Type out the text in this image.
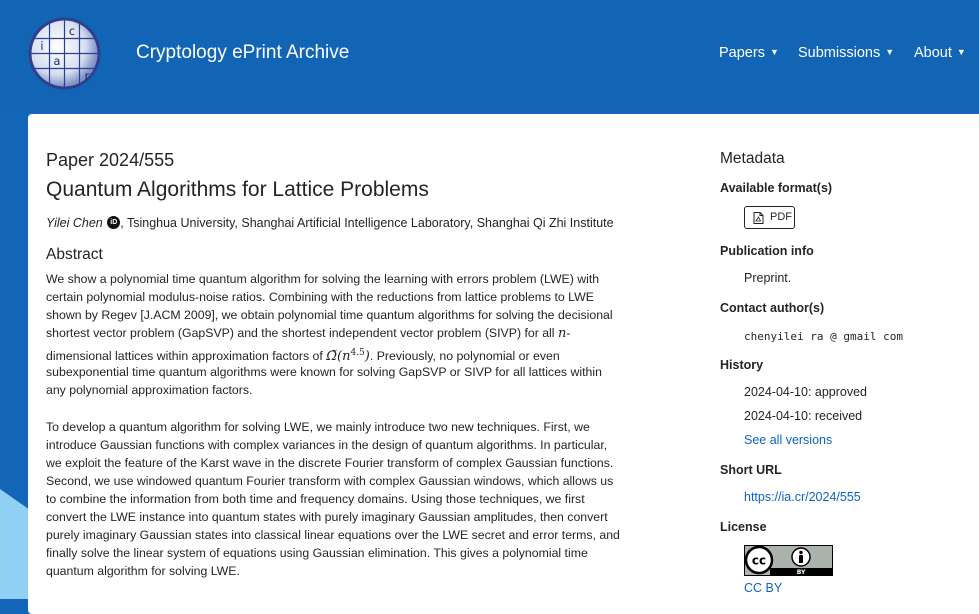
c
i
a
r
Cryptology ePrint Archive	Papers ▼ Submissions ▼ About ▼
Paper 2024/555
Quantum Algorithms for Lattice Problems
Yilei Chen iD , Tsinghua University, Shanghai Artificial Intelligence Laboratory, Shanghai Qi Zhi Institute
Abstract
We show a polynomial time quantum algorithm for solving the learning with errors problem (LWE) with
certain polynomial modulus-noise ratios. Combining with the reductions from lattice problems to LWE
shown by Regev [J.ACM 2009], we obtain polynomial time quantum algorithms for solving the decisional
shortest vector problem (GapSVP) and the shortest independent vector problem (SIVP) for all n-
dimensional lattices within approximation factors of $\Omegã(n^{4.5})$. Previously, no polynomial or even
subexponential time quantum algorithms were known for solving GapSVP or SIVP for all lattices within
any polynomial approximation factors.
To develop a quantum algorithm for solving LWE, we mainly introduce two new techniques. First, we
introduce Gaussian functions with complex variances in the design of quantum algorithms. In particular,
we exploit the feature of the Karst wave in the discrete Fourier transform of complex Gaussian functions.
Second, we use windowed quantum Fourier transform with complex Gaussian windows, which allows us
to combine the information from both time and frequency domains. Using those techniques, we first
convert the LWE instance into quantum states with purely imaginary Gaussian amplitudes, then convert
purely imaginary Gaussian states into classical linear equations over the LWE secret and error terms, and
finally solve the linear system of equations using Gaussian elimination. This gives a polynomial time
quantum algorithm for solving LWE.
Metadata
Available format(s)
PDF
Publication info
Preprint.
Contact author(s)
chenyilei ra @ gmail com
History
2024-04-10: approved
2024-04-10: received
See all versions
Short URL
https://ia.cr/2024/555
License
BY
cc
CC BY
